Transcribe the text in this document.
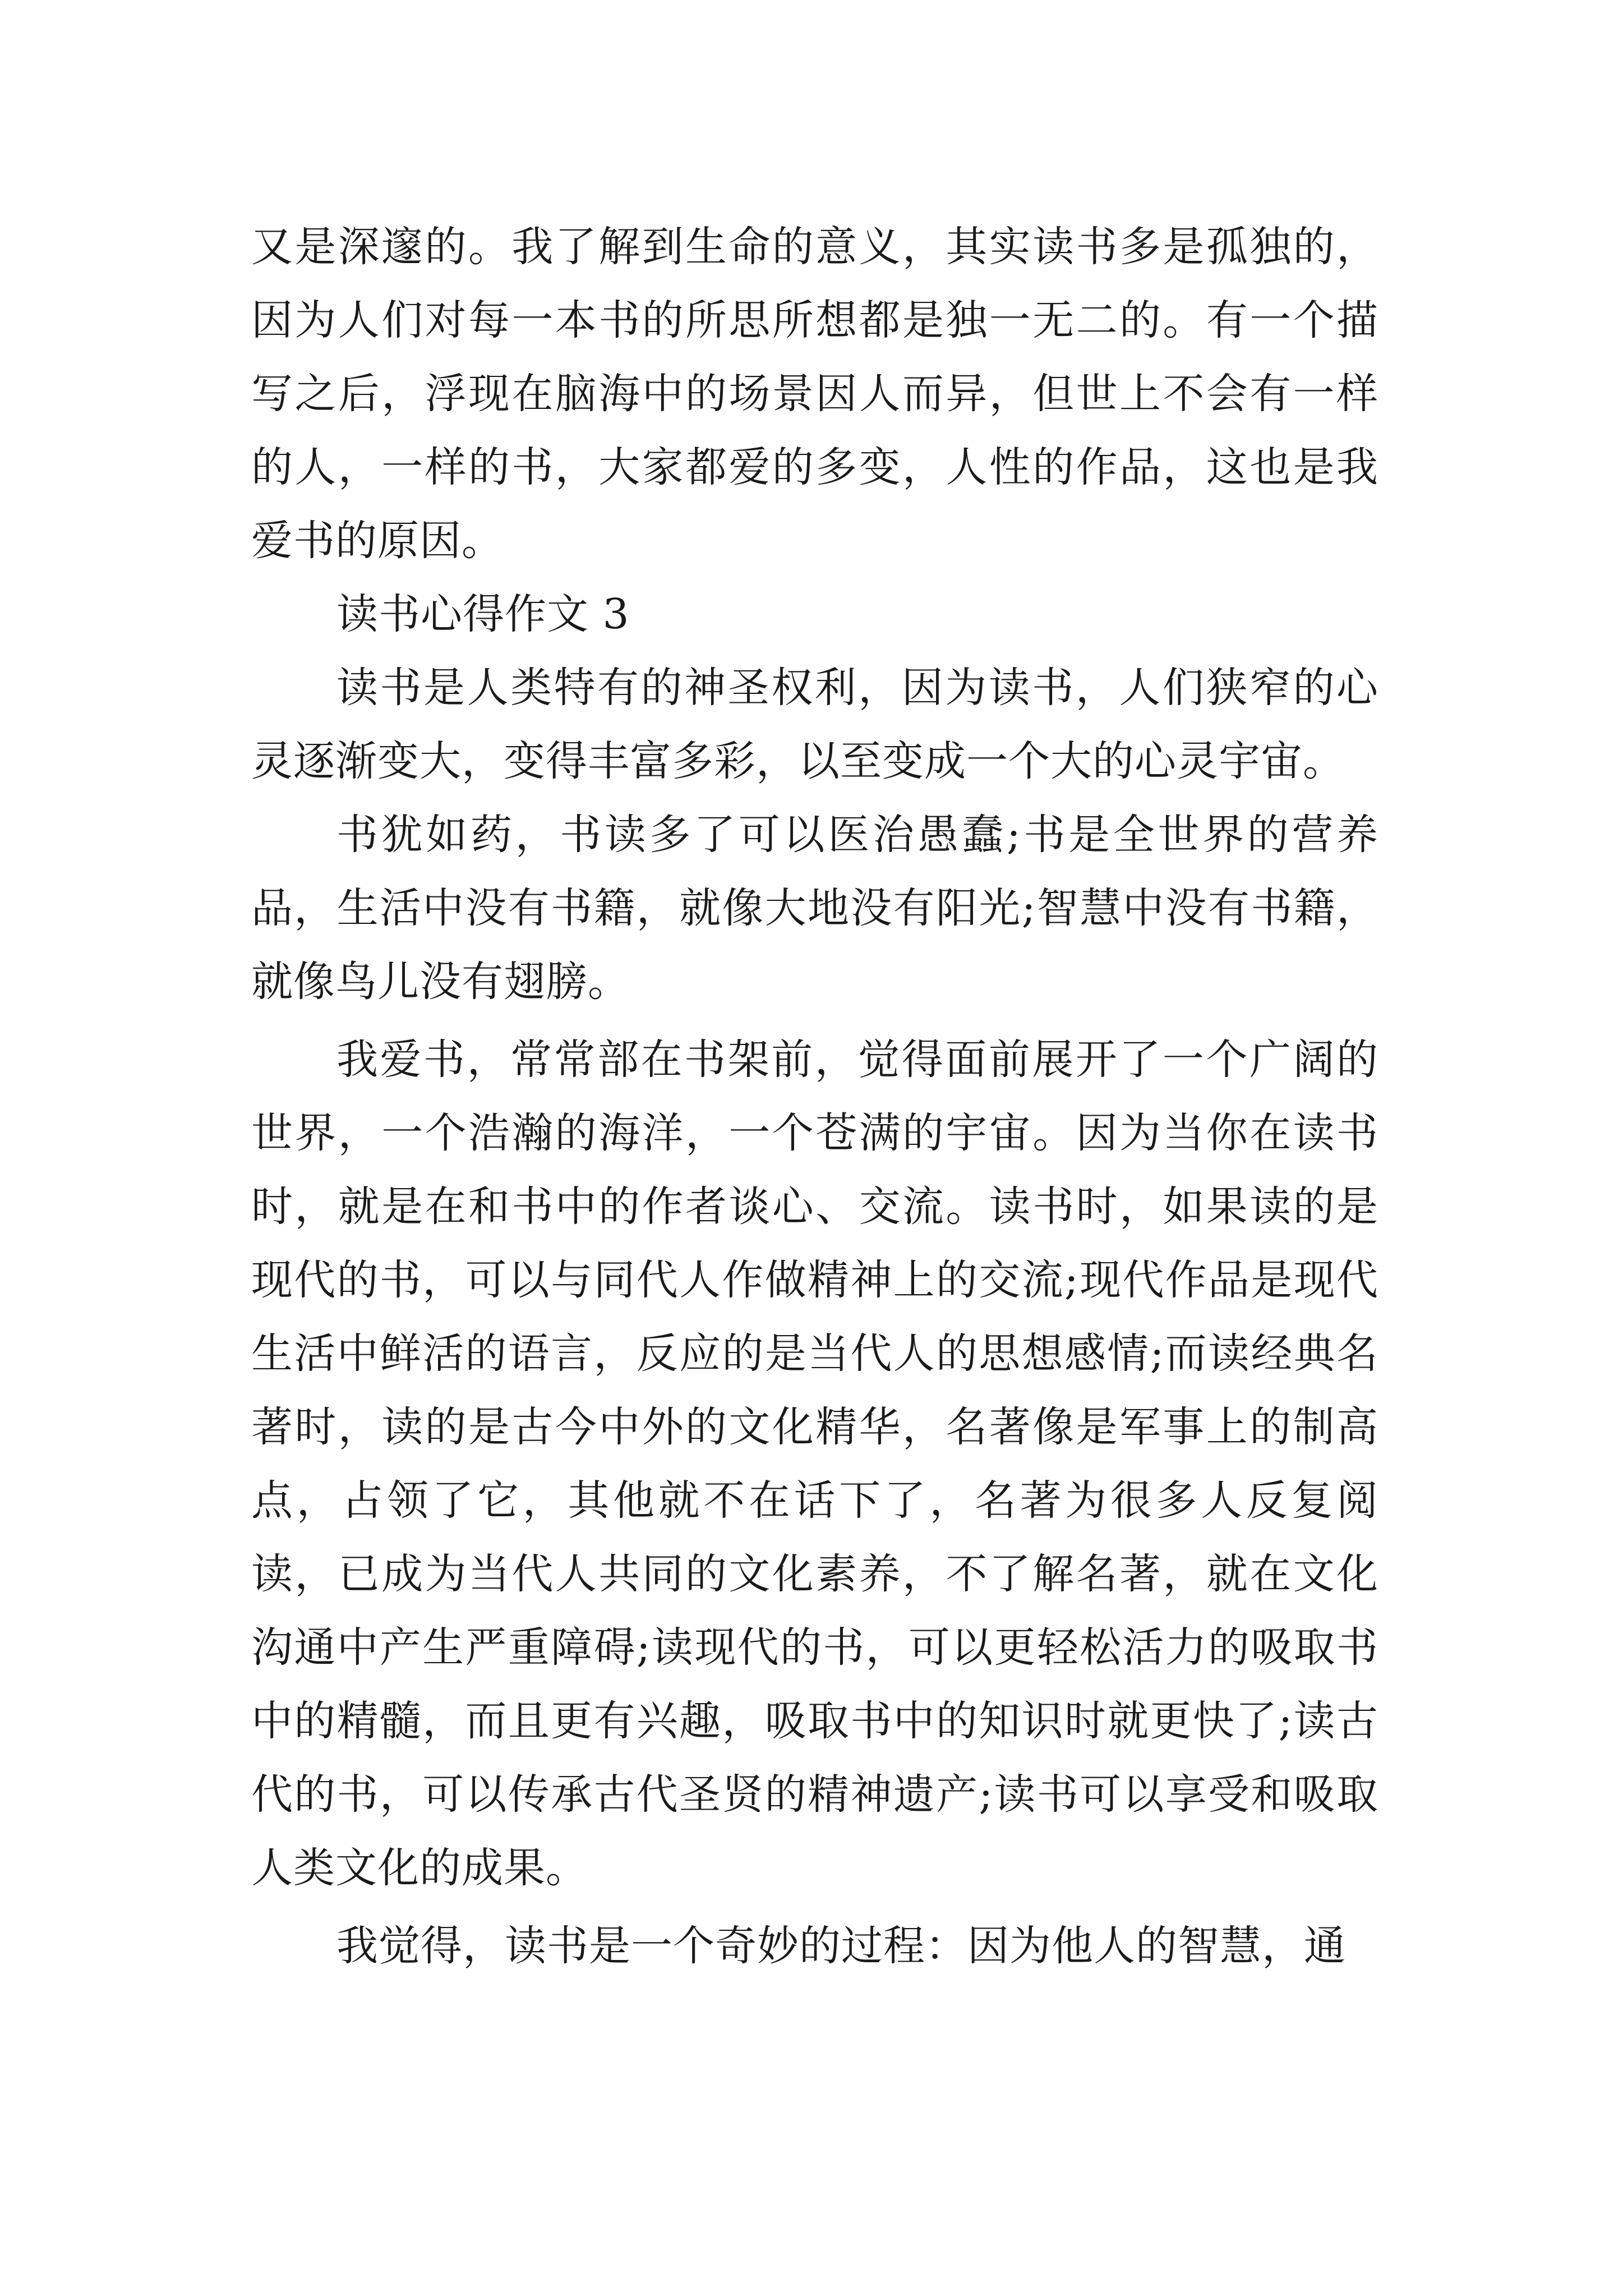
又是深邃的。我了解到生命的意义，其实读书多是孤独的，因为人们对每一本书的所思所想都是独一无二的。有一个描写之后，浮现在脑海中的场景因人而异，但世上不会有一样的人，一样的书，大家都爱的多变，人性的作品，这也是我爱书的原因。

读书心得作文 3

读书是人类特有的神圣权利，因为读书，人们狭窄的心灵逐渐变大，变得丰富多彩，以至变成一个大的心灵宇宙。

书犹如药，书读多了可以医治愚蠢;书是全世界的营养品，生活中没有书籍，就像大地没有阳光;智慧中没有书籍，就像鸟儿没有翅膀。

我爱书，常常部在书架前，觉得面前展开了一个广阔的世界，一个浩瀚的海洋，一个苍满的宇宙。因为当你在读书时，就是在和书中的作者谈心、交流。读书时，如果读的是现代的书，可以与同代人作做精神上的交流;现代作品是现代生活中鲜活的语言，反应的是当代人的思想感情;而读经典名著时，读的是古今中外的文化精华，名著像是军事上的制高点，占领了它，其他就不在话下了，名著为很多人反复阅读，已成为当代人共同的文化素养，不了解名著，就在文化沟通中产生严重障碍;读现代的书，可以更轻松活力的吸取书中的精髓，而且更有兴趣，吸取书中的知识时就更快了;读古代的书，可以传承古代圣贤的精神遗产;读书可以享受和吸取人类文化的成果。

我觉得，读书是一个奇妙的过程：因为他人的智慧，通
